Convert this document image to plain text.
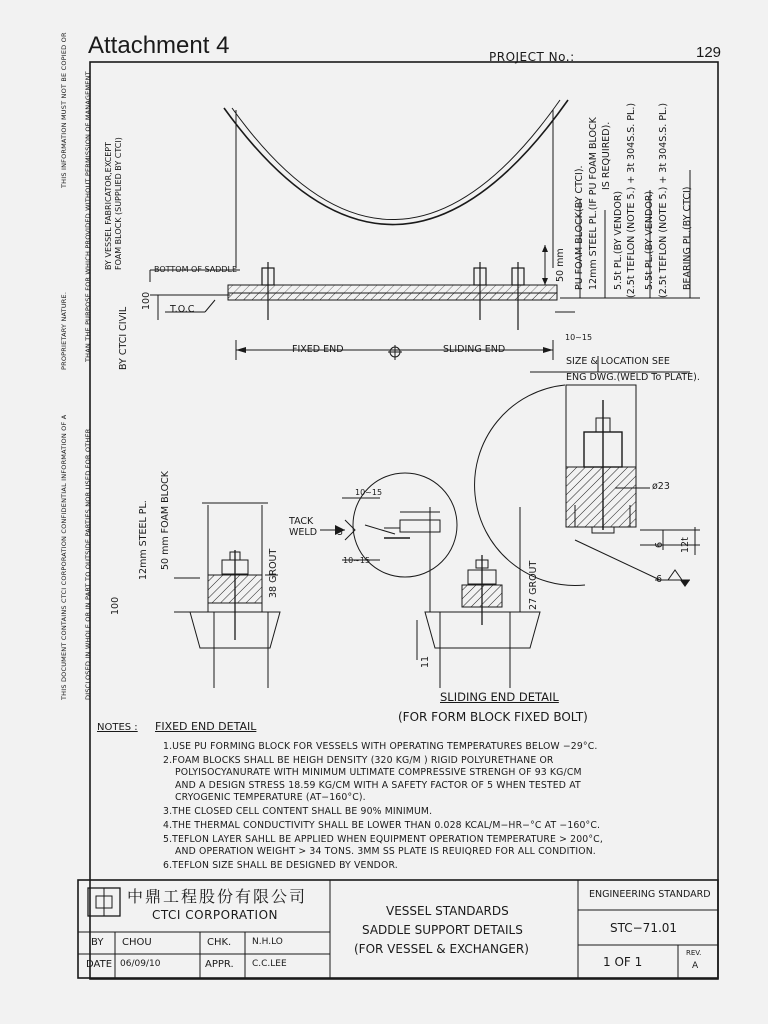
Attachment 4	PROJECT No.:	129
THIS INFORMATION MUST NOT BE COPIED OR THAN THE PURPOSE FOR WHICH PROVIDED WITHOUT PERMISSION OF MANAGEMENT
PROPRIETARY NATURE.
THIS DOCUMENT CONTAINS CTCI CORPORATION CONFIDENTIAL INFORMATION OF A DISCLOSED IN WHOLE OR IN PART TO OUTSIDE PARTIES NOR USED FOR OTHER
BY VESSEL FABRICATOR,EXCEPT FOAM BLOCK (SUPPLIED BY CTCI)	BOTTOM OF SADDLE
100 T.O.C
BY CTCI CIVIL	FIXED END	SLIDING END
50 mm
10~15
PU FOAM BLOCK(BY CTCI). 12mm STEEL PL.(IF PU FOAM BLOCK IS REQUIRED).
5.5t PL.(BY VENDOR) (2.5t TEFLON (NOTE 5.) + 3t 304S.S. PL.) 5.5t PL.(BY VENDOR) (2.5t TEFLON (NOTE 5.) + 3t 304S.S. PL.) BEARING PL.(BY CTCI)
SIZE & LOCATION SEE
ENG DWG.(WELD To PLATE).
ø23
6 12t
6
50 mm FOAM BLOCK
12mm STEEL PL.	38 GROUT
100
FIXED END DETAIL
10~15
TACK
WELD 3
10~15
27 GROUT
11
SLIDING END DETAIL
(FOR FORM BLOCK FIXED BOLT)
NOTES :
1.USE PU FORMING BLOCK FOR VESSELS WITH OPERATING TEMPERATURES BELOW −29°C.
2.FOAM BLOCKS SHALL BE HEIGH DENSITY (320 KG/M ) RIGID POLYURETHANE OR
POLYISOCYANURATE WITH MINIMUM ULTIMATE COMPRESSIVE STRENGH OF 93 KG/CM
AND A DESIGN STRESS 18.59 KG/CM WITH A SAFETY FACTOR OF 5 WHEN TESTED AT
CRYOGENIC TEMPERATURE (AT−160°C).
3.THE CLOSED CELL CONTENT SHALL BE 90% MINIMUM.
4.THE THERMAL CONDUCTIVITY SHALL BE LOWER THAN 0.028 KCAL/M−HR−°C AT −160°C.
5.TEFLON LAYER SAHLL BE APPLIED WHEN EQUIPMENT OPERATION TEMPERATURE > 200°C,
AND OPERATION WEIGHT > 34 TONS. 3MM SS PLATE IS REUIQRED FOR ALL CONDITION.
6.TEFLON SIZE SHALL BE DESIGNED BY VENDOR.
中鼎工程股份有限公司
CTCI CORPORATION
BY CHOU	CHK. N.H.LO
DATE 06/09/10	APPR. C.C.LEE
VESSEL STANDARDS
SADDLE SUPPORT DETAILS
(FOR VESSEL & EXCHANGER)
ENGINEERING STANDARD
STC−71.01
1 OF 1
REV.
A
